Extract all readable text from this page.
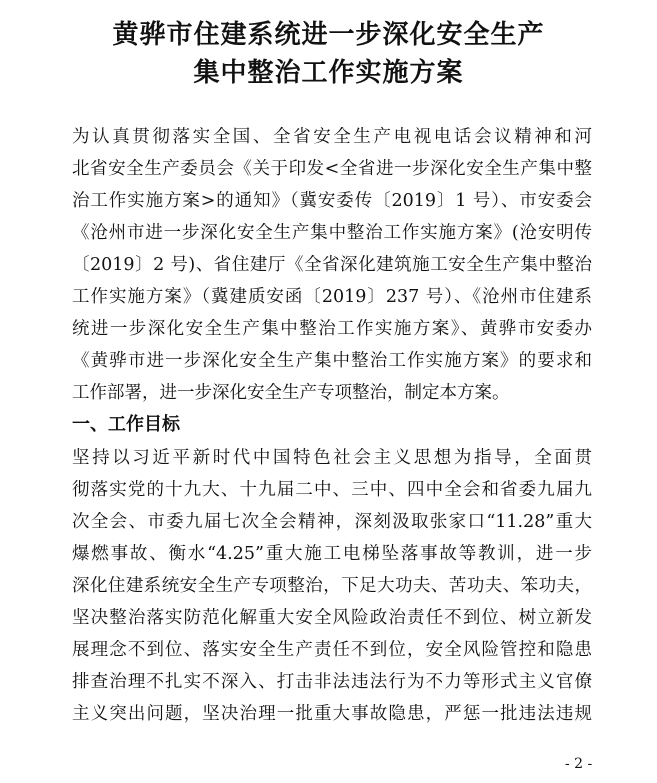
黄骅市住建系统进一步深化安全生产
集中整治工作实施方案
为认真贯彻落实全国、全省安全生产电视电话会议精神和河
北省安全生产委员会《关于印发<全省进一步深化安全生产集中整
治工作实施方案>的通知》（冀安委传〔2019〕1 号）、市安委会
《沧州市进一步深化安全生产集中整治工作实施方案》(沧安明传
〔2019〕2 号)、省住建厅《全省深化建筑施工安全生产集中整治
工作实施方案》（冀建质安函〔2019〕237 号）、《沧州市住建系
统进一步深化安全生产集中整治工作实施方案》、黄骅市安委办
《黄骅市进一步深化安全生产集中整治工作实施方案》的要求和
工作部署，进一步深化安全生产专项整治，制定本方案。
一、工作目标
坚持以习近平新时代中国特色社会主义思想为指导，全面贯
彻落实党的十九大、十九届二中、三中、四中全会和省委九届九
次全会、市委九届七次全会精神，深刻汲取张家口“11.28”重大
爆燃事故、衡水“4.25”重大施工电梯坠落事故等教训，进一步
深化住建系统安全生产专项整治，下足大功夫、苦功夫、笨功夫，
坚决整治落实防范化解重大安全风险政治责任不到位、树立新发
展理念不到位、落实安全生产责任不到位，安全风险管控和隐患
排查治理不扎实不深入、打击非法违法行为不力等形式主义官僚
主义突出问题，坚决治理一批重大事故隐患，严惩一批违法违规
- 2 -
